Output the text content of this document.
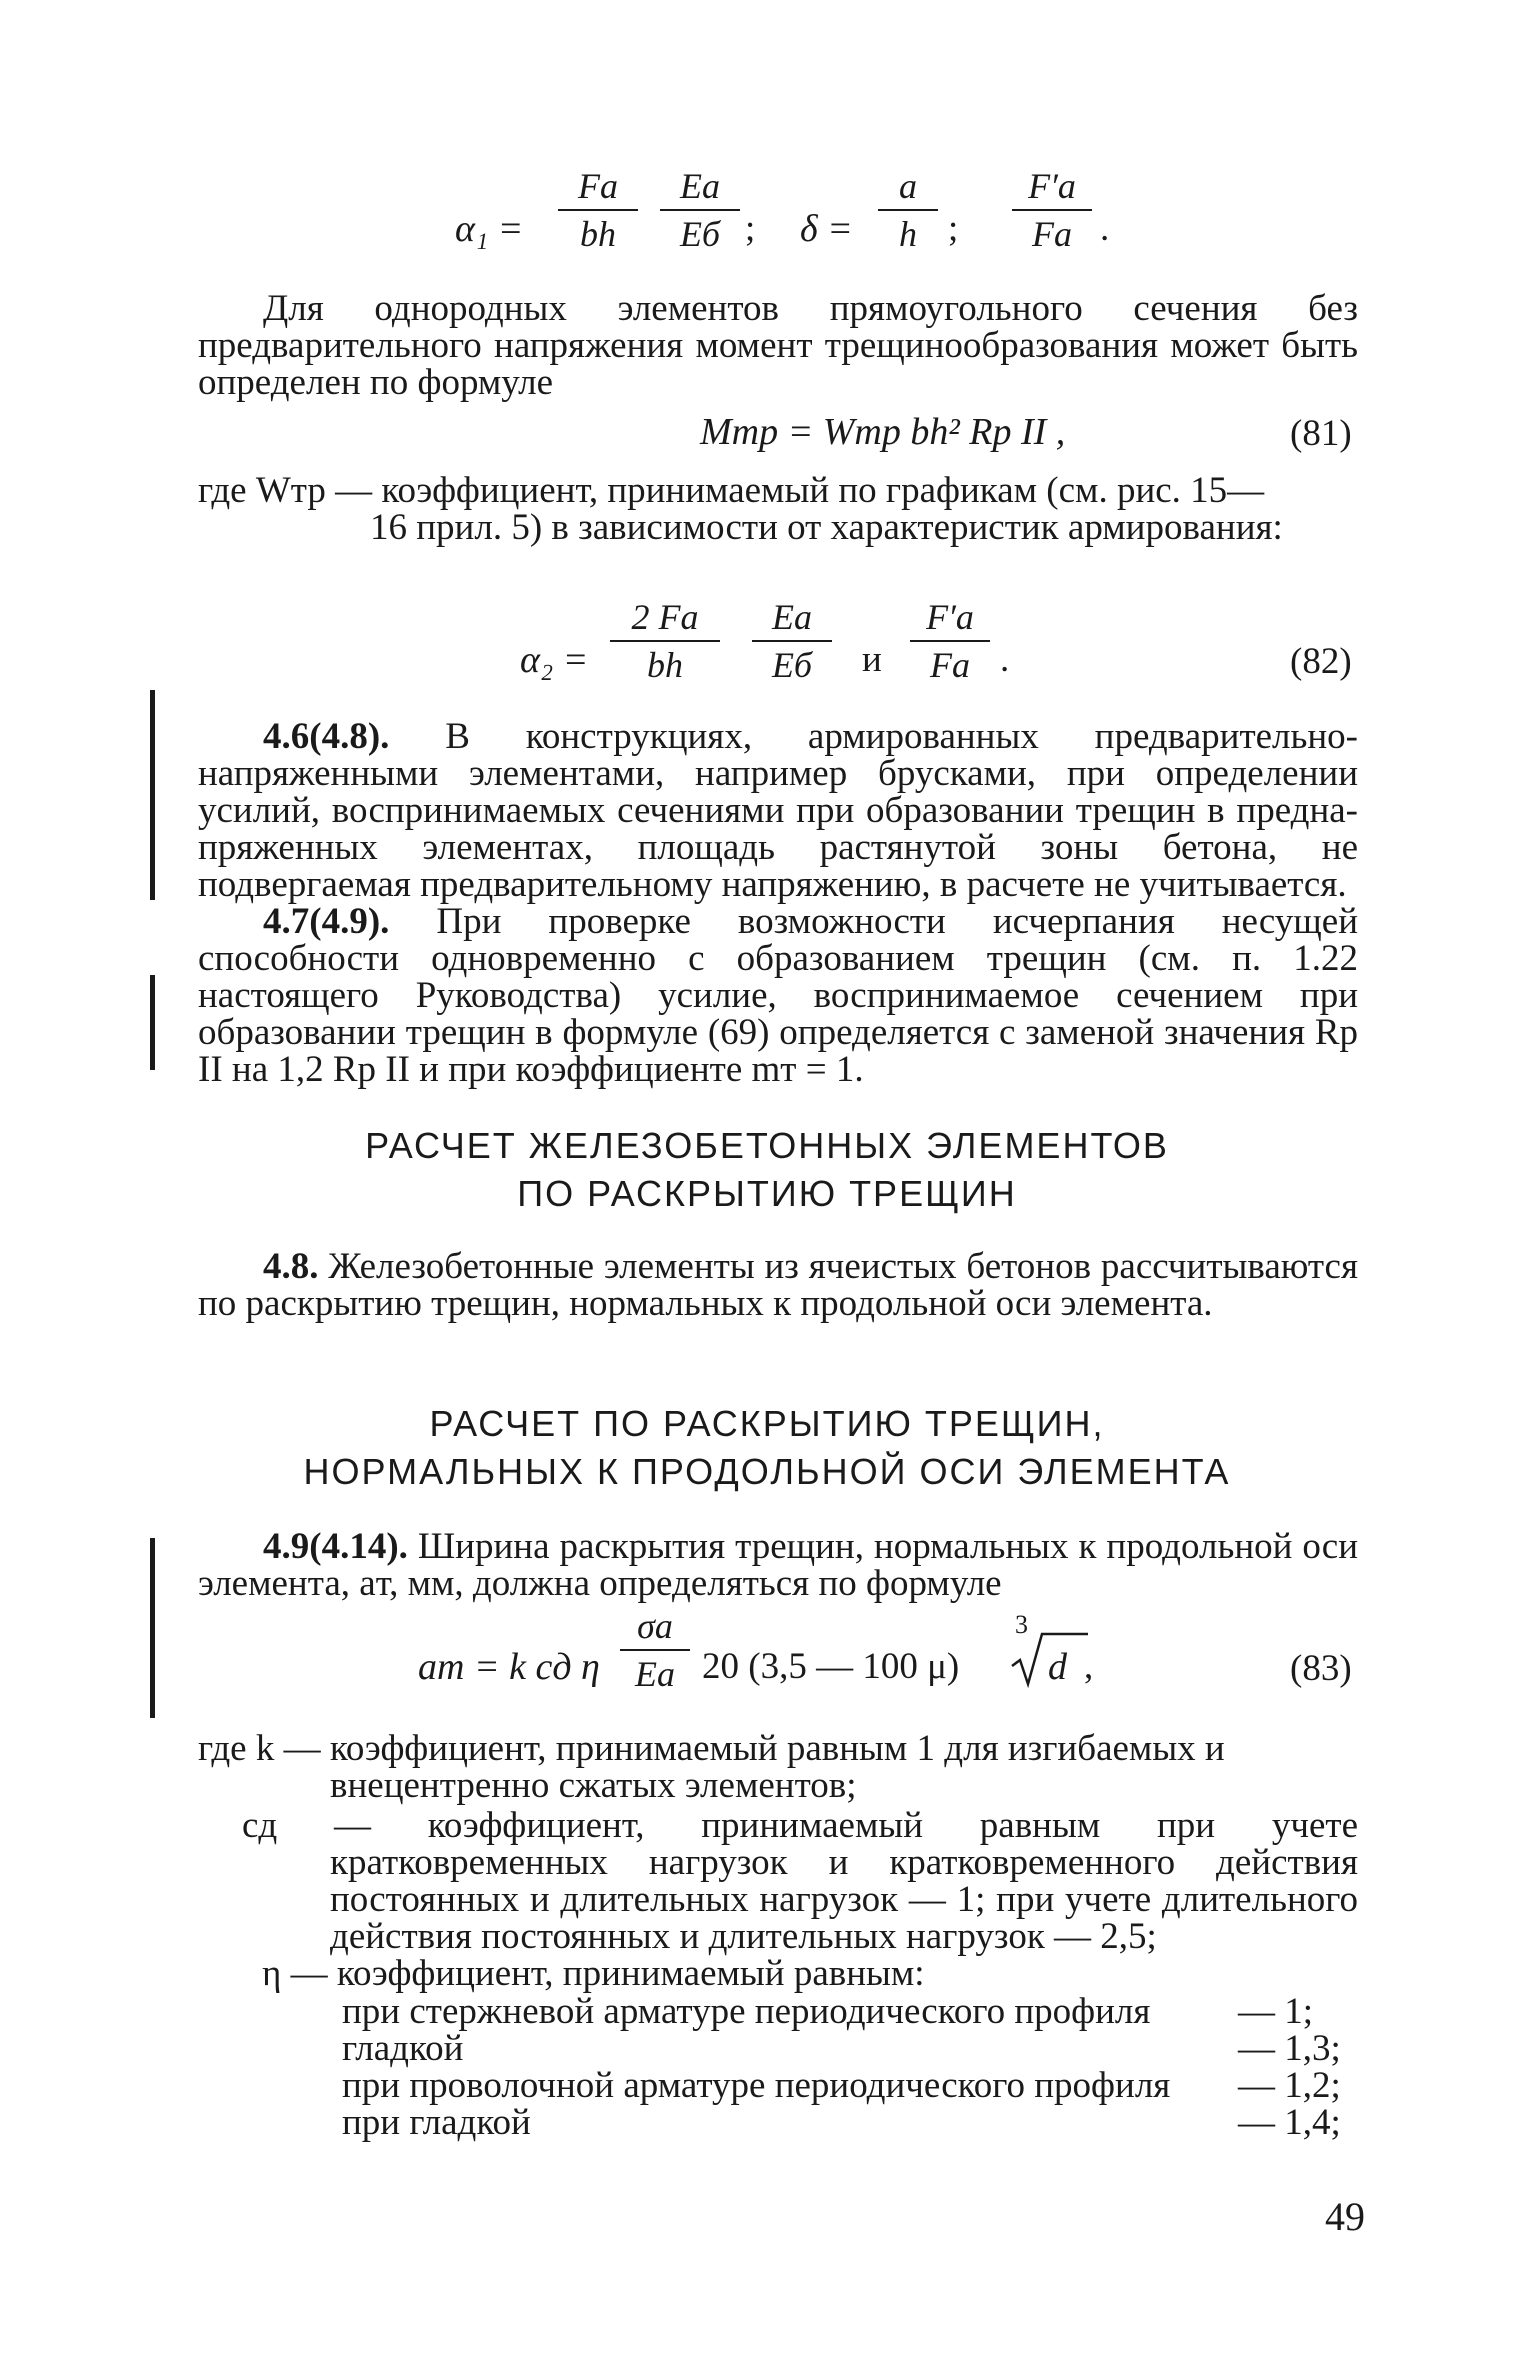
α₁ =
Fа
bh
Eа
Eб ; δ =
a
h ;
F′а
Fа .
Для однородных элементов прямоугольного сечения без предварительного напряжения момент трещинообразования может быть определен по формуле
Mтр = Wтр bh² Rр II ,	(81)
где Wтр — коэффициент, принимаемый по графикам (см. рис. 15—
16 прил. 5) в зависимости от характеристик армирования:
α₂ =
2 Fа
bh
Eа
Eб	и
F′а
Fа .	(82)
4.6(4.8). В конструкциях, армированных предварительно-напряженными элементами, например брусками, при определении усилий, воспринимаемых сечениями при образовании трещин в предна-пряженных элементах, площадь растянутой зоны бетона, не подвергаемая предварительному напряжению, в расчете не учитывается.
4.7(4.9). При проверке возможности исчерпания несущей способности одновременно с образованием трещин (см. п. 1.22 настоящего Руководства) усилие, воспринимаемое сечением при образовании трещин в формуле (69) определяется с заменой значения Rр II на 1,2 Rр II и при коэффициенте mт = 1.
РАСЧЕТ ЖЕЛЕЗОБЕТОННЫХ ЭЛЕМЕНТОВ
ПО РАСКРЫТИЮ ТРЕЩИН
4.8. Железобетонные элементы из ячеистых бетонов рассчитываются по раскрытию трещин, нормальных к продольной оси элемента.
РАСЧЕТ ПО РАСКРЫТИЮ ТРЕЩИН,
НОРМАЛЬНЫХ К ПРОДОЛЬНОЙ ОСИ ЭЛЕМЕНТА
4.9(4.14). Ширина раскрытия трещин, нормальных к продольной оси элемента, aт, мм, должна определяться по формуле
aт = k cд η
σа
Eа 20 (3,5 — 100 μ)
3
d ,	(83)
где k — коэффициент, принимаемый равным 1 для изгибаемых и
внецентренно сжатых элементов;
cд — коэффициент, принимаемый равным при учете кратковременных нагрузок и кратковременного действия постоянных и длительных нагрузок — 1; при учете длительного действия постоянных и длительных нагрузок — 2,5;
η — коэффициент, принимаемый равным:
при стержневой арматуре периодического профиля — 1;
гладкой	— 1,3;
при проволочной арматуре периодического профиля — 1,2;
при гладкой	— 1,4;
49
